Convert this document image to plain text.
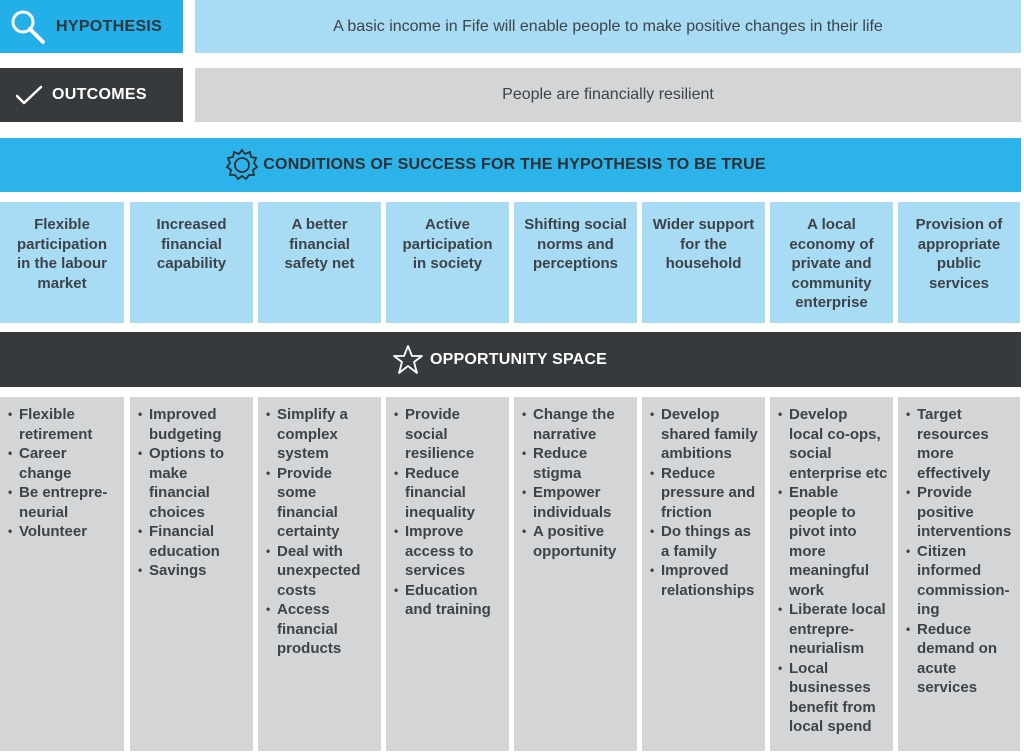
HYPOTHESIS	A basic income in Fife will enable people to make positive changes in their life
OUTCOMES	People are financially resilient
CONDITIONS OF SUCCESS FOR THE HYPOTHESIS TO BE TRUE
Flexible
participation
in the labour
market
Increased
financial
capability
A better
financial
safety net
Active
participation
in society
Shifting social
norms and
perceptions
Wider support
for the
household
A local
economy of
private and
community
enterprise
Provision of
appropriate
public
services
OPPORTUNITY SPACE
• Flexible
retirement
• Career
change
• Be entrepre-
neurial
• Volunteer
• Improved
budgeting
• Options to
make
financial
choices
• Financial
education
• Savings
• Simplify a
complex
system
• Provide
some
financial
certainty
• Deal with
unexpected
costs
• Access
financial
products
• Provide
social
resilience
• Reduce
financial
inequality
• Improve
access to
services
• Education
and training
• Change the
narrative
• Reduce
stigma
• Empower
individuals
• A positive
opportunity
• Develop
shared family
ambitions
• Reduce
pressure and
friction
• Do things as
a family
• Improved
relationships
• Develop
local co-ops,
social
enterprise etc
• Enable
people to
pivot into
more
meaningful
work
• Liberate local
entrepre-
neurialism
• Local
businesses
benefit from
local spend
• Target
resources
more
effectively
• Provide
positive
interventions
• Citizen
informed
commission-
ing
• Reduce
demand on
acute
services
